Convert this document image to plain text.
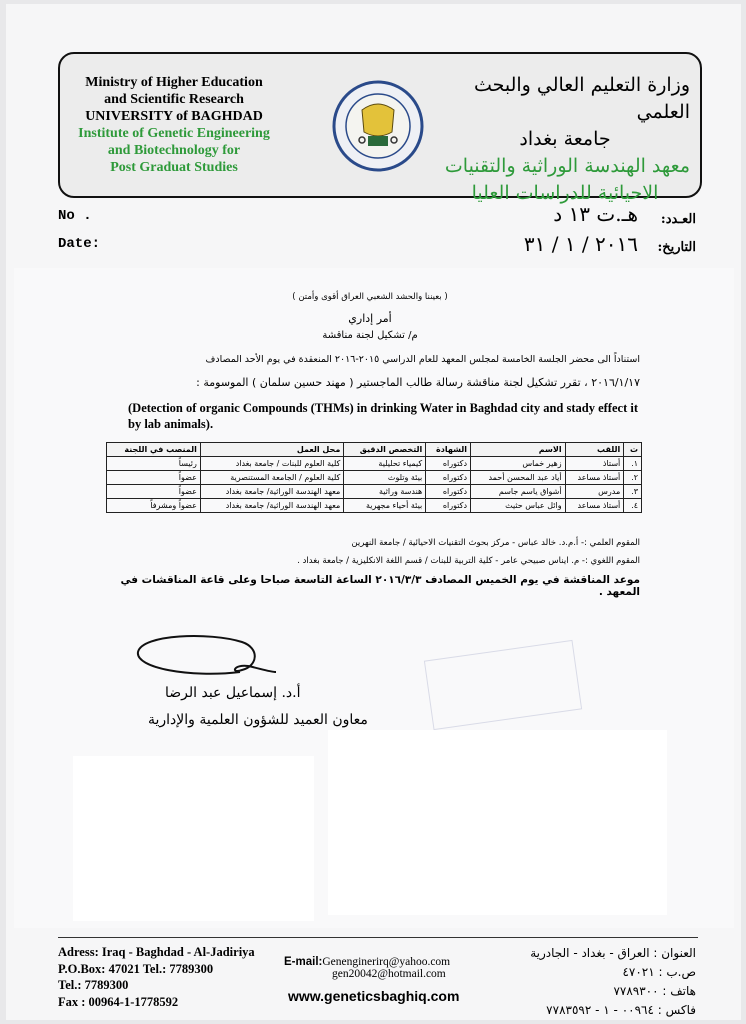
Ministry of Higher Education
and Scientific Research
UNIVERSITY of BAGHDAD
Institute of Genetic Engineering
and Biotechnology for
Post Graduat Studies
وزارة التعليم العالي والبحث العلمي
جامعة بغداد
معهد الهندسة الوراثية والتقنيات
الاحيائية للدراسات العليا
No .
Date:
العـدد:
التاريخ:
هـ.ت ١٣ د
٢٠١٦ / ١ / ٣١
( بعيننا والحشد الشعبي العراق أقوى وأمتن )
أمر إداري
م/ تشكيل لجنة مناقشة
استناداً الى محضر الجلسة الخامسة لمجلس المعهد للعام الدراسي ٢٠١٥-٢٠١٦ المنعقدة في يوم الأحد المصادف
٢٠١٦/١/١٧ ، تقرر تشكيل لجنة مناقشة رسالة طالب الماجستير ( مهند حسين سلمان ) الموسومة :
(Detection of organic Compounds (THMs) in drinking Water in Baghdad city and stady effect it by lab animals).
ت	اللقب	الاسم	الشهادة	التخصص الدقيق	محل العمل	المنصب في اللجنة
١.	أستاذ	زهير خماس	دكتوراه	كيمياء تحليلية	كلية العلوم للبنات / جامعة بغداد	رئيساً
٢.	أستاذ مساعد	أياد عبد المحسن أحمد	دكتوراه	بيئة وتلوث	كلية العلوم / الجامعة المستنصرية	عضواً
٣.	مدرس	أشواق ياسم جاسم	دكتوراه	هندسة وراثية	معهد الهندسة الوراثية/ جامعة بغداد	عضواً
٤.	أستاذ مساعد	وائل عباس حثيث	دكتوراه	بيئة أحياء مجهرية	معهد الهندسة الوراثية/ جامعة بغداد	عضواً ومشرفاً
المقوم العلمي :- أ.م.د. خالد عباس - مركز بحوث التقنيات الاحيائية / جامعة النهرين
المقوم اللغوي :- م. ايناس صبيحي عامر - كلية التربية للبنات / قسم اللغة الانكليزية / جامعة بغداد .
موعد المناقشة في يوم الخميس المصادف ٢٠١٦/٣/٣ الساعة التاسعة صباحا وعلى قاعة المناقشات في المعهد .
أ.د. إسماعيل عبد الرضا
معاون العميد للشؤون العلمية والإدارية
Adress: Iraq - Baghdad - Al-Jadiriya
P.O.Box: 47021 Tel.: 7789300
Tel.: 7789300
Fax : 00964-1-1778592
E-mail:Genenginerirq@yahoo.com
gen20042@hotmail.com
www.geneticsbaghiq.com
العنوان : العراق - بغداد - الجادرية
ص.ب : ٤٧٠٢١
هاتف : ٧٧٨٩٣٠٠
فاكس : ٠٠٩٦٤ - ١ - ٧٧٨٣٥٩٢
